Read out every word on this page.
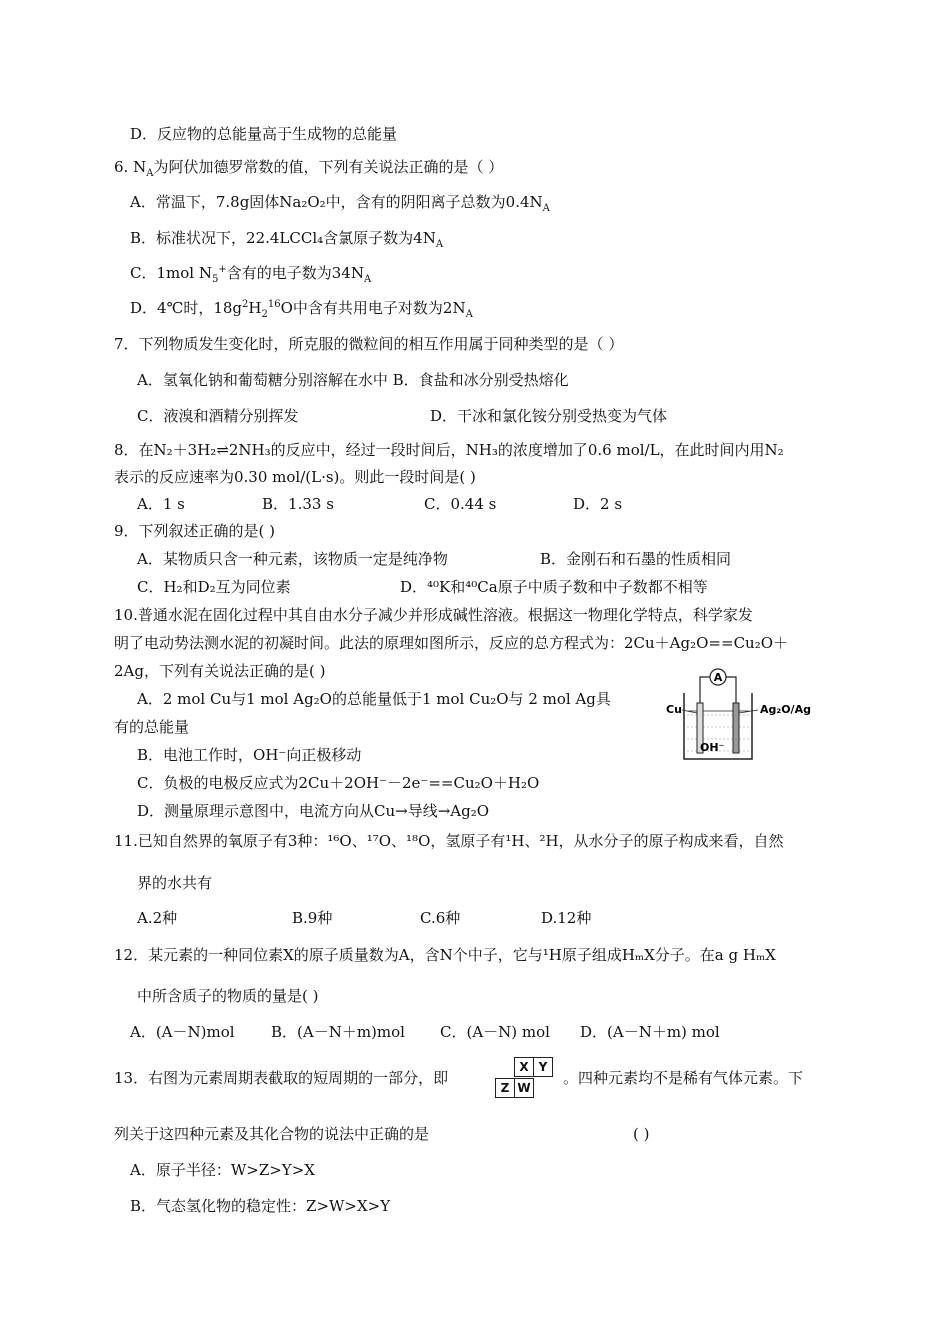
D．反应物的总能量高于生成物的总能量
6. $N_A$为阿伏加德罗常数的值，下列有关说法正确的是（ ）
A．常温下，7.8g固体Na₂O₂中，含有的阴阳离子总数为$0.4N_A$
B．标准状况下，22.4LCCl₄含氯原子数为$4N_A$
C．1mol $N_5^+$含有的电子数为$34N_A$
D．4℃时，$18g^2H_2^{16}O$中含有共用电子对数为$2N_A$
7．下列物质发生变化时，所克服的微粒间的相互作用属于同种类型的是（ ）
A．氢氧化钠和葡萄糖分别溶解在水中 B．食盐和冰分别受热熔化
C．液溴和酒精分别挥发	D．干冰和氯化铵分别受热变为气体
8．在N₂＋3H₂⇌2NH₃的反应中，经过一段时间后，NH₃的浓度增加了0.6 mol/L，在此时间内用N₂
表示的反应速率为0.30 mol/(L·s)。则此一段时间是( )
A．1 s	B．1.33 s	C．0.44 s	D．2 s
9．下列叙述正确的是( )
A．某物质只含一种元素，该物质一定是纯净物	B．金刚石和石墨的性质相同
C．H₂和D₂互为同位素	D．⁴⁰K和⁴⁰Ca原子中质子数和中子数都不相等
10.普通水泥在固化过程中其自由水分子减少并形成碱性溶液。根据这一物理化学特点，科学家发
明了电动势法测水泥的初凝时间。此法的原理如图所示，反应的总方程式为：2Cu＋Ag₂O==Cu₂O＋
2Ag，下列有关说法正确的是( )
A．2 mol Cu与1 mol Ag₂O的总能量低于1 mol Cu₂O与 2 mol Ag具
有的总能量
B．电池工作时，OH⁻向正极移动
C．负极的电极反应式为2Cu＋2OH⁻－2e⁻==Cu₂O＋H₂O
D．测量原理示意图中，电流方向从Cu→导线→Ag₂O
A
Cu	Ag₂O/Ag
OH⁻
11.已知自然界的氧原子有3种：¹⁶O、¹⁷O、¹⁸O，氢原子有¹H、²H，从水分子的原子构成来看，自然
界的水共有
A.2种	B.9种	C.6种	D.12种
12．某元素的一种同位素X的原子质量数为A，含N个中子，它与¹H原子组成HₘX分子。在a g HₘX
中所含质子的物质的量是( )
A．(A－N)mol B．(A－N＋m)mol C．(A－N) mol D．(A－N＋m) mol
13．右图为元素周期表截取的短周期的一部分，即
X Y
Z W
。四种元素均不是稀有气体元素。下
列关于这四种元素及其化合物的说法中正确的是	( )
A．原子半径：W>Z>Y>X
B．气态氢化物的稳定性：Z>W>X>Y
